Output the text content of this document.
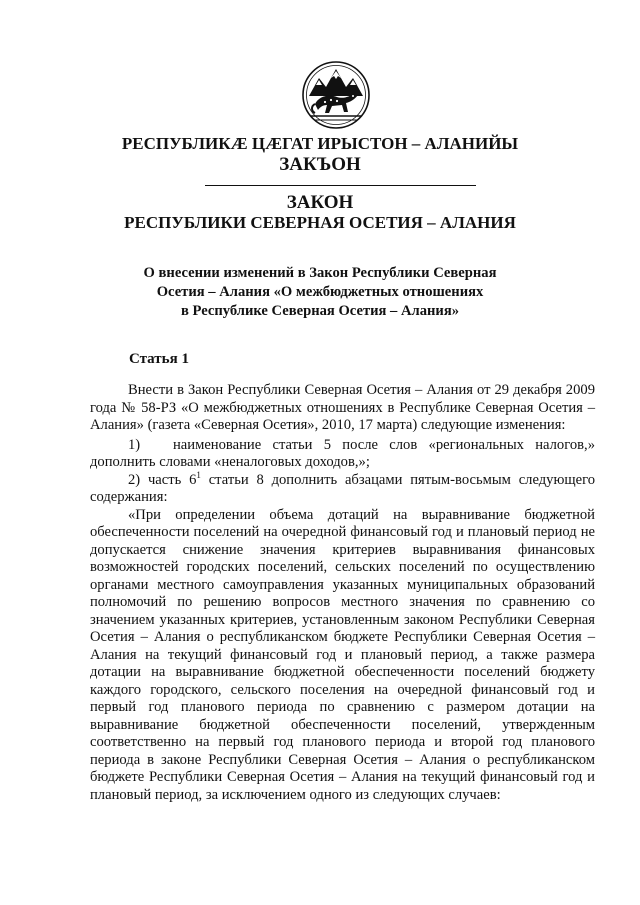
РЕСПУБЛИКӔ ЦӔГАТ ИРЫСТОН – АЛАНИЙЫ
ЗАКЪОН
ЗАКОН
РЕСПУБЛИКИ СЕВЕРНАЯ ОСЕТИЯ – АЛАНИЯ
О внесении изменений в Закон Республики Северная
Осетия – Алания «О межбюджетных отношениях
в Республике Северная Осетия – Алания»
Статья 1

Внести в Закон Республики Северная Осетия – Алания от 29 декабря 2009 года № 58-РЗ «О межбюджетных отношениях в Республике Северная Осетия – Алания» (газета «Северная Осетия», 2010, 17 марта) следующие изменения:

1) наименование статьи 5 после слов «региональных налогов,» дополнить словами «неналоговых доходов,»;

2) часть $6^1$ статьи 8 дополнить абзацами пятым-восьмым следующего содержания:

«При определении объема дотаций на выравнивание бюджетной обеспеченности поселений на очередной финансовый год и плановый период не допускается снижение значения критериев выравнивания финансовых возможностей городских поселений, сельских поселений по осуществлению органами местного самоуправления указанных муниципальных образований полномочий по решению вопросов местного значения по сравнению со значением указанных критериев, установленным законом Республики Северная Осетия – Алания о республиканском бюджете Республики Северная Осетия – Алания на текущий финансовый год и плановый период, а также размера дотации на выравнивание бюджетной обеспеченности поселений бюджету каждого городского, сельского поселения на очередной финансовый год и первый год планового периода по сравнению с размером дотации на выравнивание бюджетной обеспеченности поселений, утвержденным соответственно на первый год планового периода и второй год планового периода в законе Республики Северная Осетия – Алания о республиканском бюджете Республики Северная Осетия – Алания на текущий финансовый год и плановый период, за исключением одного из следующих случаев:
